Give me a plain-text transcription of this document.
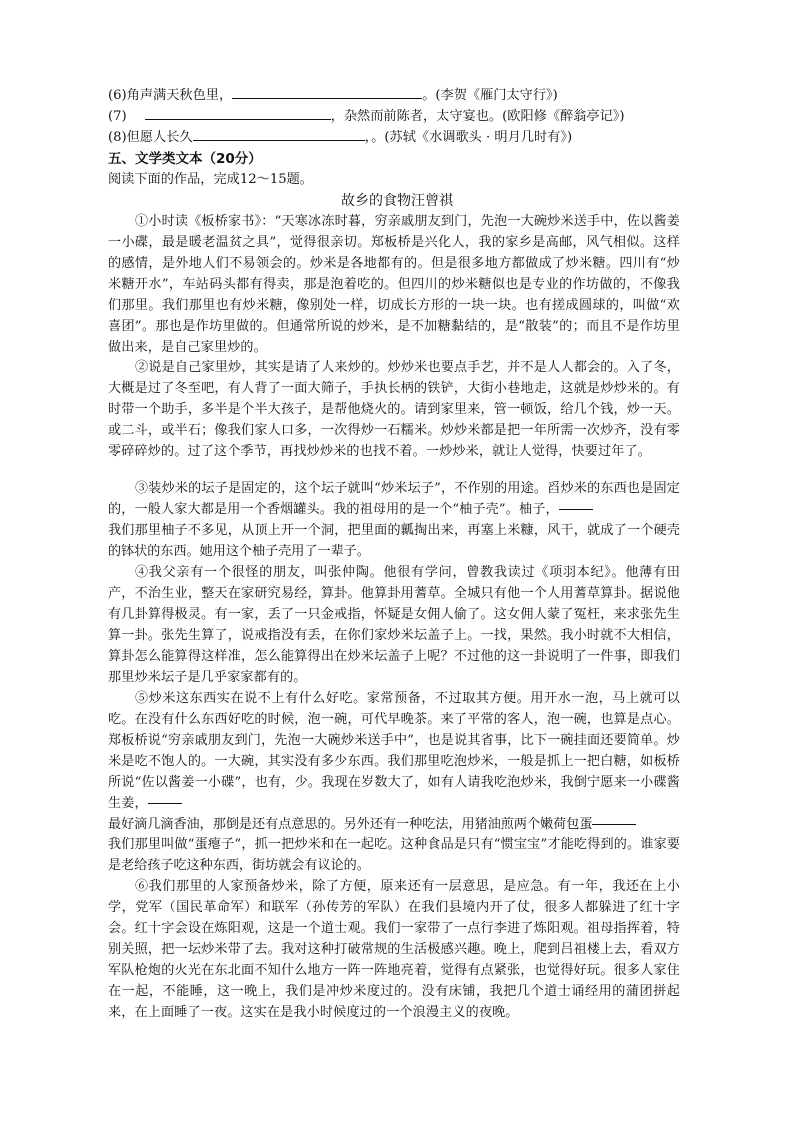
(6)角声满天秋色里，	。(李贺《雁门太守行》)
(7)	，杂然而前陈者，太守宴也。(欧阳修《醉翁亭记》)
(8)但愿人长久	，。(苏轼《水调歌头 · 明月几时有》)
五、文学类文本（20分）
阅读下面的作品，完成12～15题。
故乡的食物汪曾祺
①小时读《板桥家书》：“天寒冰冻时暮，穷亲戚朋友到门，先泡一大碗炒米送手中，佐以酱姜一小碟，最是暖老温贫之具”，觉得很亲切。郑板桥是兴化人，我的家乡是高邮，风气相似。这样的感情，是外地人们不易领会的。炒米是各地都有的。但是很多地方都做成了炒米糖。四川有“炒米糖开水”，车站码头都有得卖，那是泡着吃的。但四川的炒米糖似也是专业的作坊做的，不像我们那里。我们那里也有炒米糖，像别处一样，切成长方形的一块一块。也有搓成圆球的，叫做“欢喜团”。那也是作坊里做的。但通常所说的炒米，是不加糖黏结的，是“散装”的；而且不是作坊里做出来，是自己家里炒的。
②说是自己家里炒，其实是请了人来炒的。炒炒米也要点手艺，并不是人人都会的。入了冬，大概是过了冬至吧，有人背了一面大筛子，手执长柄的铁铲，大街小巷地走，这就是炒炒米的。有时带一个助手，多半是个半大孩子，是帮他烧火的。请到家里来，管一顿饭，给几个钱，炒一天。或二斗，或半石；像我们家人口多，一次得炒一石糯米。炒炒米都是把一年所需一次炒齐，没有零零碎碎炒的。过了这个季节，再找炒炒米的也找不着。一炒炒米，就让人觉得，快要过年了。
③装炒米的坛子是固定的，这个坛子就叫“炒米坛子”，不作别的用途。舀炒米的东西也是固定的，一般人家大都是用一个香烟罐头。我的祖母用的是一个“柚子壳”。柚子，
我们那里柚子不多见，从顶上开一个洞，把里面的瓤掏出来，再塞上米糠，风干，就成了一个硬壳的钵状的东西。她用这个柚子壳用了一辈子。
④我父亲有一个很怪的朋友，叫张仲陶。他很有学问，曾教我读过《项羽本纪》。他薄有田产，不治生业，整天在家研究易经，算卦。他算卦用蓍草。全城只有他一个人用蓍草算卦。据说他有几卦算得极灵。有一家，丢了一只金戒指，怀疑是女佣人偷了。这女佣人蒙了冤枉，来求张先生算一卦。张先生算了，说戒指没有丢，在你们家炒米坛盖子上。一找，果然。我小时就不大相信，算卦怎么能算得这样准，怎么能算得出在炒米坛盖子上呢？不过他的这一卦说明了一件事，即我们那里炒米坛子是几乎家家都有的。
⑤炒米这东西实在说不上有什么好吃。家常预备，不过取其方便。用开水一泡，马上就可以吃。在没有什么东西好吃的时候，泡一碗，可代早晚茶。来了平常的客人，泡一碗，也算是点心。郑板桥说“穷亲戚朋友到门，先泡一大碗炒米送手中”，也是说其省事，比下一碗挂面还要简单。炒米是吃不饱人的。一大碗，其实没有多少东西。我们那里吃泡炒米，一般是抓上一把白糖，如板桥所说“佐以酱姜一小碟”，也有，少。我现在岁数大了，如有人请我吃泡炒米，我倒宁愿来一小碟酱生姜，
最好滴几滴香油，那倒是还有点意思的。另外还有一种吃法，用猪油煎两个嫩荷包蛋
我们那里叫做“蛋瘪子”，抓一把炒米和在一起吃。这种食品是只有“惯宝宝”才能吃得到的。谁家要是老给孩子吃这种东西，街坊就会有议论的。
⑥我们那里的人家预备炒米，除了方便，原来还有一层意思，是应急。有一年，我还在上小学，党军（国民革命军）和联军（孙传芳的军队）在我们县境内开了仗，很多人都躲进了红十字会。红十字会设在炼阳观，这是一个道士观。我们一家带了一点行李进了炼阳观。祖母指挥着，特别关照，把一坛炒米带了去。我对这种打破常规的生活极感兴趣。晚上，爬到吕祖楼上去，看双方军队枪炮的火光在东北面不知什么地方一阵一阵地亮着，觉得有点紧张，也觉得好玩。很多人家住在一起，不能睡，这一晚上，我们是冲炒米度过的。没有床铺，我把几个道士诵经用的蒲团拼起来，在上面睡了一夜。这实在是我小时候度过的一个浪漫主义的夜晚。
